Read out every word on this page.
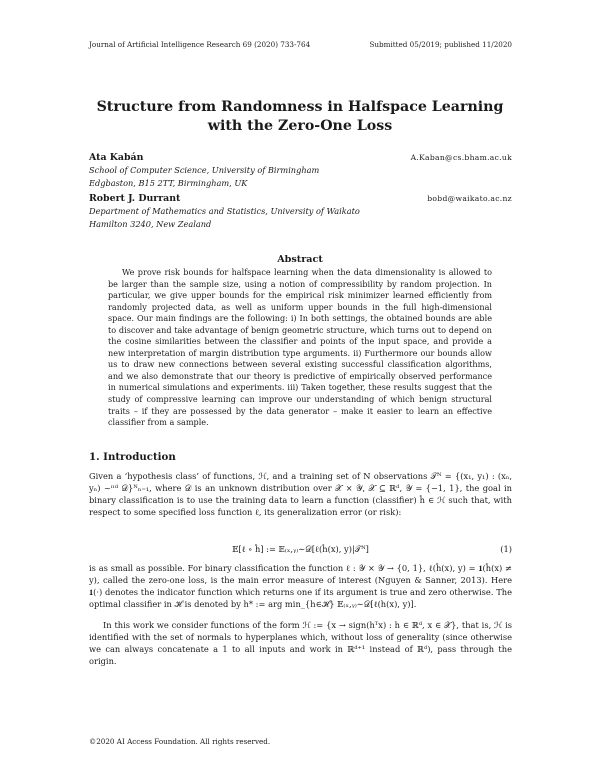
Journal of Artificial Intelligence Research 69 (2020) 733-764	Submitted 05/2019; published 11/2020
Structure from Randomness in Halfspace Learning
with the Zero-One Loss
Ata Kabán	A.Kaban@cs.bham.ac.uk
School of Computer Science, University of Birmingham
Edgbaston, B15 2TT, Birmingham, UK
Robert J. Durrant	bobd@waikato.ac.nz
Department of Mathematics and Statistics, University of Waikato
Hamilton 3240, New Zealand
Abstract
We prove risk bounds for halfspace learning when the data dimensionality is allowed to be larger than the sample size, using a notion of compressibility by random projection. In particular, we give upper bounds for the empirical risk minimizer learned efficiently from randomly projected data, as well as uniform upper bounds in the full high-dimensional space. Our main findings are the following: i) In both settings, the obtained bounds are able to discover and take advantage of benign geometric structure, which turns out to depend on the cosine similarities between the classifier and points of the input space, and provide a new interpretation of margin distribution type arguments. ii) Furthermore our bounds allow us to draw new connections between several existing successful classification algorithms, and we also demonstrate that our theory is predictive of empirically observed performance in numerical simulations and experiments. iii) Taken together, these results suggest that the study of compressive learning can improve our understanding of which benign structural traits – if they are possessed by the data generator – make it easier to learn an effective classifier from a sample.
1. Introduction
Given a ‘hypothesis class’ of functions, ℋ, and a training set of N observations 𝒯ᴺ = {(x₁, y₁) : (xₙ, yₙ) ~ᶦᶦᵈ 𝒟}ᴺₙ₌₁, where 𝒟 is an unknown distribution over 𝒳 × 𝒴, 𝒳 ⊆ ℝᵈ, 𝒴 = {−1, 1}, the goal in binary classification is to use the training data to learn a function (classifier) ĥ ∈ ℋ such that, with respect to some specified loss function ℓ, its generalization error (or risk):
𝔼[ℓ ∘ ĥ] := 𝔼₍ₓ,ᵧ₎∼𝒟[ℓ(ĥ(x), y)|𝒯ᴺ]	(1)
is as small as possible. For binary classification the function ℓ : 𝒴 × 𝒴 → {0, 1}, ℓ(ĥ(x), y) = 𝟏(ĥ(x) ≠ y), called the zero-one loss, is the main error measure of interest (Nguyen & Sanner, 2013). Here 𝟏(·) denotes the indicator function which returns one if its argument is true and zero otherwise. The optimal classifier in ℋ is denoted by h* := arg min_{h∈ℋ} 𝔼₍ₓ,ᵧ₎∼𝒟[ℓ(h(x), y)].
In this work we consider functions of the form ℋ := {x → sign(hᵀx) : h ∈ ℝᵈ, x ∈ 𝒳}, that is, ℋ is identified with the set of normals to hyperplanes which, without loss of generality (since otherwise we can always concatenate a 1 to all inputs and work in ℝᵈ⁺¹ instead of ℝᵈ), pass through the origin.
©2020 AI Access Foundation. All rights reserved.
